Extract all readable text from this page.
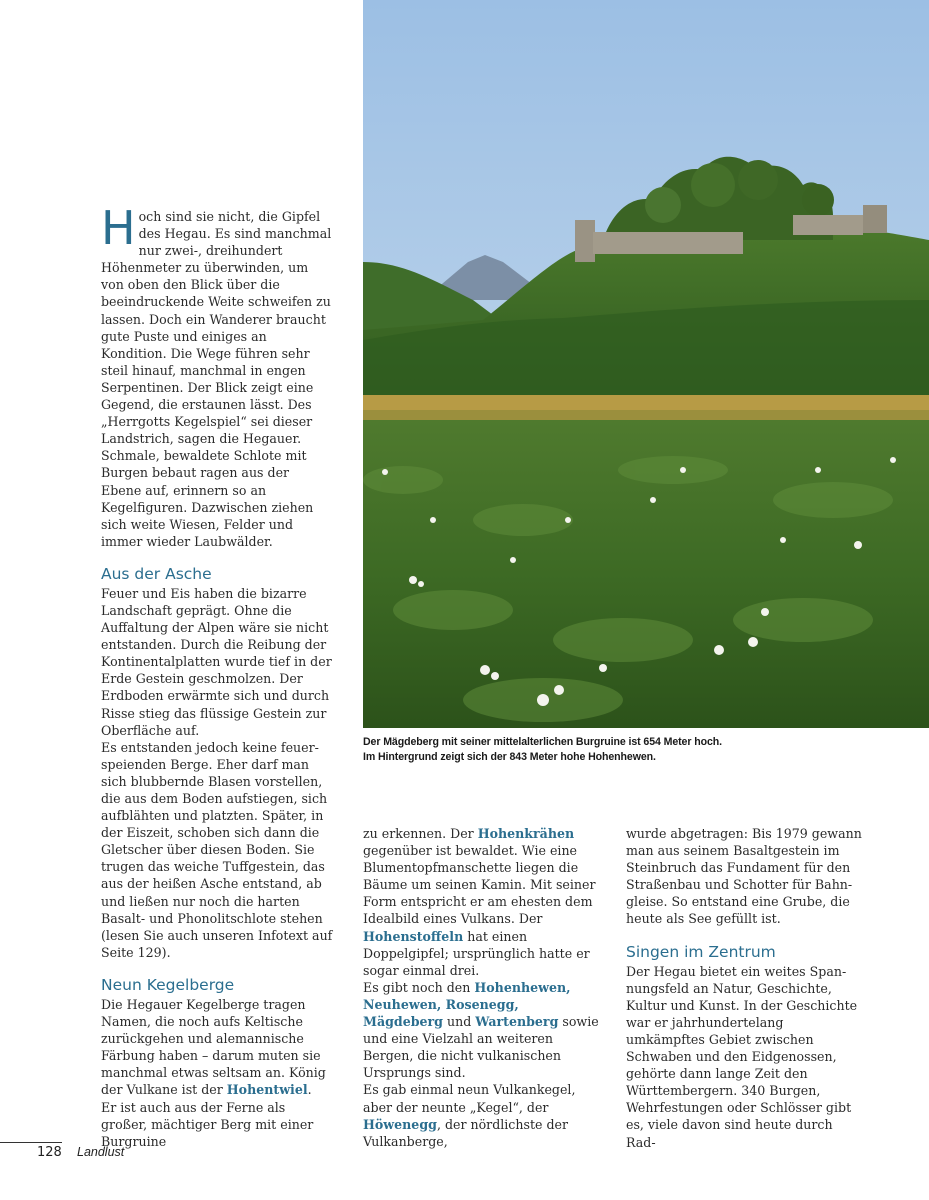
Der Mägdeberg mit seiner mittelalterlichen Burgruine ist 654 Meter hoch.
Im Hintergrund zeigt sich der 843 Meter hohe Hohenhewen.

Hoch sind sie nicht, die Gipfel des Hegau. Es sind manchmal nur zwei-, dreihundert Höhenmeter zu überwinden, um von oben den Blick über die beeindruckende Weite schweifen zu lassen. Doch ein Wanderer braucht gute Puste und einiges an Kondition. Die Wege führen sehr steil hinauf, manchmal in engen Serpentinen. Der Blick zeigt eine Gegend, die erstaunen lässt. Des „Herrgotts Kegelspiel“ sei dieser Landstrich, sagen die Hegauer. Schmale, bewaldete Schlote mit Burgen bebaut ragen aus der Ebene auf, erinnern so an Kegelfiguren. Dazwischen ziehen sich weite Wiesen, Felder und immer wieder Laubwälder.

Aus der Asche

Feuer und Eis haben die bizarre Landschaft geprägt. Ohne die Auffaltung der Alpen wäre sie nicht entstanden. Durch die Reibung der Kontinentalplatten wurde tief in der Erde Gestein geschmolzen. Der Erdboden erwärmte sich und durch Risse stieg das flüssige Gestein zur Oberfläche auf.

Es entstanden jedoch keine feuerspeienden Berge. Eher darf man sich blubbernde Blasen vorstellen, die aus dem Boden aufstiegen, sich aufblähten und platzten. Später, in der Eiszeit, schoben sich dann die Gletscher über diesen Boden. Sie trugen das weiche Tuffgestein, das aus der heißen Asche entstand, ab und ließen nur noch die harten Basalt- und Phonolitschlote stehen (lesen Sie auch unseren Infotext auf Seite 129).

Neun Kegelberge

Die Hegauer Kegelberge tragen Namen, die noch aufs Keltische zurückgehen und alemannische Färbung haben – darum muten sie manchmal etwas seltsam an. König der Vulkane ist der Hohentwiel.

Er ist auch aus der Ferne als großer, mächtiger Berg mit einer Burgruine

zu erkennen. Der Hohenkrähen gegenüber ist bewaldet. Wie eine Blumentopfmanschette liegen die Bäume um seinen Kamin. Mit seiner Form entspricht er am ehesten dem Idealbild eines Vulkans. Der Hohenstoffeln hat einen Doppelgipfel; ursprünglich hatte er sogar einmal drei.

Es gibt noch den Hohenhewen, Neuhewen, Rosenegg, Mägdeberg und Wartenberg sowie und eine Vielzahl an weiteren Bergen, die nicht vulkanischen Ursprungs sind.

Es gab einmal neun Vulkankegel, aber der neunte „Kegel“, der Höwenegg, der nördlichste der Vulkanberge,

wurde abgetragen: Bis 1979 gewann man aus seinem Basaltgestein im Steinbruch das Fundament für den Straßenbau und Schotter für Bahngleise. So entstand eine Grube, die heute als See gefüllt ist.

Singen im Zentrum

Der Hegau bietet ein weites Spannungsfeld an Natur, Geschichte, Kultur und Kunst. In der Geschichte war er jahrhundertelang umkämpftes Gebiet zwischen Schwaben und den Eidgenossen, gehörte dann lange Zeit den Württembergern. 340 Burgen, Wehrfestungen oder Schlösser gibt es, viele davon sind heute durch Rad-

128 Landlust
